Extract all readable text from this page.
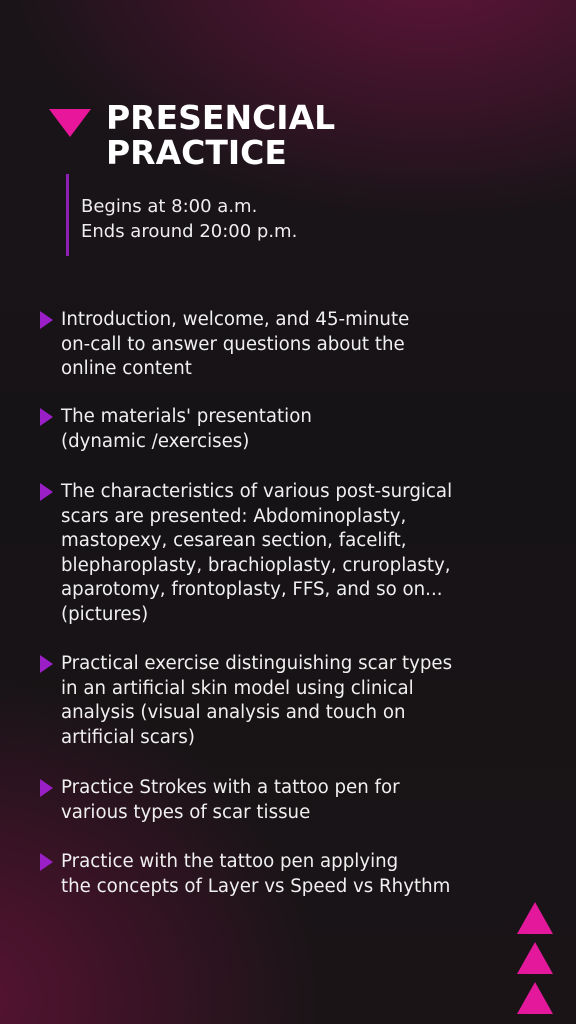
PRESENCIAL
PRACTICE
Begins at 8:00 a.m.
Ends around 20:00 p.m.
Introduction, welcome, and 45-minute
on-call to answer questions about the
online content
The materials' presentation
(dynamic /exercises)
The characteristics of various post-surgical
scars are presented: Abdominoplasty,
mastopexy, cesarean section, facelift,
blepharoplasty, brachioplasty, cruroplasty,
aparotomy, frontoplasty, FFS, and so on...
(pictures)
Practical exercise distinguishing scar types
in an artificial skin model using clinical
analysis (visual analysis and touch on
artificial scars)
Practice Strokes with a tattoo pen for
various types of scar tissue
Practice with the tattoo pen applying
the concepts of Layer vs Speed vs Rhythm
